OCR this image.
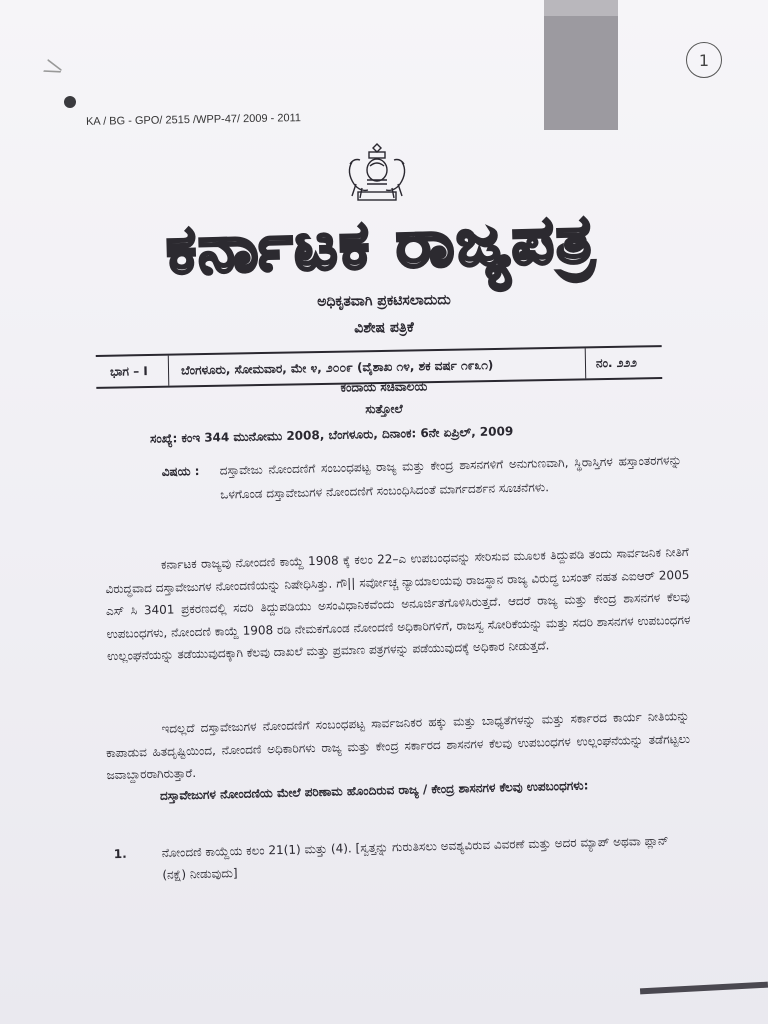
1
\/
KA / BG - GPO/ 2515 /WPP-47/ 2009 - 2011
ಕರ್ನಾಟಕ ರಾಜ್ಯಪತ್ರ
ಅಧಿಕೃತವಾಗಿ ಪ್ರಕಟಿಸಲಾದುದು
ವಿಶೇಷ ಪತ್ರಿಕೆ
ಭಾಗ – I	ಬೆಂಗಳೂರು, ಸೋಮವಾರ, ಮೇ ೪, ೨೦೦೯ (ವೈಶಾಖ ೧೪, ಶಕ ವರ್ಷ ೧೯೩೧)	ನಂ. ೨೨೨
ಕಂದಾಯ ಸಚಿವಾಲಯ
ಸುತ್ತೋಲೆ
ಸಂಖ್ಯೆ: ಕಂಇ 344 ಮುನೋಮು 2008, ಬೆಂಗಳೂರು, ದಿನಾಂಕ: 6ನೇ ಏಪ್ರಿಲ್, 2009
ವಿಷಯ :	ದಸ್ತಾವೇಜು ನೋಂದಣಿಗೆ ಸಂಬಂಧಪಟ್ಟ ರಾಜ್ಯ ಮತ್ತು ಕೇಂದ್ರ ಶಾಸನಗಳಿಗೆ ಅನುಗುಣವಾಗಿ, ಸ್ಥಿರಾಸ್ತಿಗಳ ಹಸ್ತಾಂತರಗಳನ್ನು ಒಳಗೊಂಡ ದಸ್ತಾವೇಜುಗಳ ನೋಂದಣಿಗೆ ಸಂಬಂಧಿಸಿದಂತೆ ಮಾರ್ಗದರ್ಶನ ಸೂಚನೆಗಳು.
ಕರ್ನಾಟಕ ರಾಜ್ಯವು ನೋಂದಣಿ ಕಾಯ್ದೆ 1908 ಕ್ಕೆ ಕಲಂ 22–ಎ ಉಪಬಂಧವನ್ನು ಸೇರಿಸುವ ಮೂಲಕ ತಿದ್ದುಪಡಿ ತಂದು ಸಾರ್ವಜನಿಕ ನೀತಿಗೆ ವಿರುದ್ಧವಾದ ದಸ್ತಾವೇಜುಗಳ ನೋಂದಣಿಯನ್ನು ನಿಷೇಧಿಸಿತ್ತು. ಗೌ|| ಸರ್ವೋಚ್ಚ ನ್ಯಾಯಾಲಯವು ರಾಜಸ್ಥಾನ ರಾಜ್ಯ ವಿರುದ್ಧ ಬಸಂತ್ ನಹತ ಎಐಆರ್ 2005 ಎಸ್ ಸಿ 3401 ಪ್ರಕರಣದಲ್ಲಿ ಸದರಿ ತಿದ್ದುಪಡಿಯು ಅಸಂವಿಧಾನಿಕವೆಂದು ಅನೂರ್ಜಿತಗೊಳಿಸಿರುತ್ತದೆ. ಆದರೆ ರಾಜ್ಯ ಮತ್ತು ಕೇಂದ್ರ ಶಾಸನಗಳ ಕೆಲವು ಉಪಬಂಧಗಳು, ನೋಂದಣಿ ಕಾಯ್ದೆ 1908 ರಡಿ ನೇಮಕಗೊಂಡ ನೋಂದಣಿ ಅಧಿಕಾರಿಗಳಿಗೆ, ರಾಜಸ್ವ ಸೋರಿಕೆಯನ್ನು ಮತ್ತು ಸದರಿ ಶಾಸನಗಳ ಉಪಬಂಧಗಳ ಉಲ್ಲಂಘನೆಯನ್ನು ತಡೆಯುವುದಕ್ಕಾಗಿ ಕೆಲವು ದಾಖಲೆ ಮತ್ತು ಪ್ರಮಾಣ ಪತ್ರಗಳನ್ನು ಪಡೆಯುವುದಕ್ಕೆ ಅಧಿಕಾರ ನೀಡುತ್ತದೆ.
ಇದಲ್ಲದೆ ದಸ್ತಾವೇಜುಗಳ ನೋಂದಣಿಗೆ ಸಂಬಂಧಪಟ್ಟ ಸಾರ್ವಜನಿಕರ ಹಕ್ಕು ಮತ್ತು ಬಾಧ್ಯತೆಗಳನ್ನು ಮತ್ತು ಸರ್ಕಾರದ ಕಾರ್ಯ ನೀತಿಯನ್ನು ಕಾಪಾಡುವ ಹಿತದೃಷ್ಟಿಯಿಂದ, ನೋಂದಣಿ ಅಧಿಕಾರಿಗಳು ರಾಜ್ಯ ಮತ್ತು ಕೇಂದ್ರ ಸರ್ಕಾರದ ಶಾಸನಗಳ ಕೆಲವು ಉಪಬಂಧಗಳ ಉಲ್ಲಂಘನೆಯನ್ನು ತಡೆಗಟ್ಟಲು ಜವಾಬ್ದಾರರಾಗಿರುತ್ತಾರೆ.
ದಸ್ತಾವೇಜುಗಳ ನೋಂದಣಿಯ ಮೇಲೆ ಪರಿಣಾಮ ಹೊಂದಿರುವ ರಾಜ್ಯ / ಕೇಂದ್ರ ಶಾಸನಗಳ ಕೆಲವು ಉಪಬಂಧಗಳು:
1.	ನೋಂದಣಿ ಕಾಯ್ದೆಯ ಕಲಂ 21(1) ಮತ್ತು (4). [ಸ್ವತ್ತನ್ನು ಗುರುತಿಸಲು ಅವಶ್ಯವಿರುವ ವಿವರಣೆ ಮತ್ತು ಅದರ ಮ್ಯಾಪ್ ಅಥವಾ ಪ್ಲಾನ್ (ನಕ್ಷೆ) ನೀಡುವುದು]
